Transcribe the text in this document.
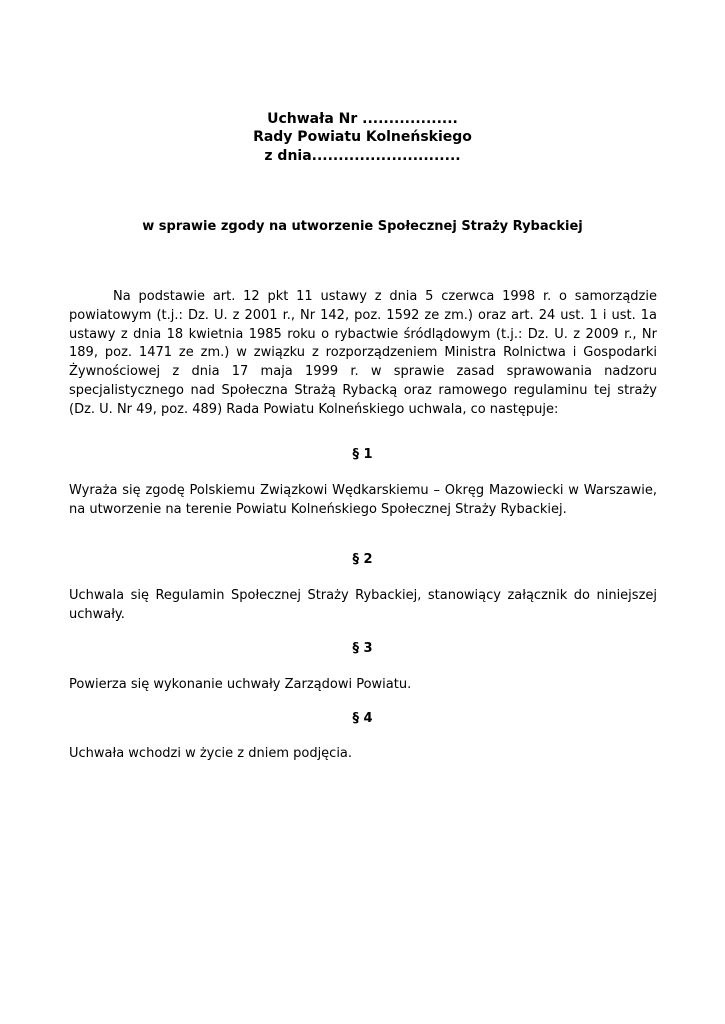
Uchwała Nr ..................
Rady Powiatu Kolneńskiego
z dnia............................
w sprawie zgody na utworzenie Społecznej Straży Rybackiej
Na podstawie art. 12 pkt 11 ustawy z dnia 5 czerwca 1998 r. o samorządzie powiatowym (t.j.: Dz. U. z 2001 r., Nr 142, poz. 1592 ze zm.) oraz art. 24 ust. 1 i ust. 1a ustawy z dnia 18 kwietnia 1985 roku o rybactwie śródlądowym (t.j.: Dz. U. z 2009 r., Nr 189, poz. 1471 ze zm.) w związku z rozporządzeniem Ministra Rolnictwa i Gospodarki Żywnościowej z dnia 17 maja 1999 r. w sprawie zasad sprawowania nadzoru specjalistycznego nad Społeczna Strażą Rybacką oraz ramowego regulaminu tej straży (Dz. U. Nr 49, poz. 489) Rada Powiatu Kolneńskiego uchwala, co następuje:
§ 1
Wyraża się zgodę Polskiemu Związkowi Wędkarskiemu – Okręg Mazowiecki w Warszawie, na utworzenie na terenie Powiatu Kolneńskiego Społecznej Straży Rybackiej.
§ 2
Uchwala się Regulamin Społecznej Straży Rybackiej, stanowiący załącznik do niniejszej uchwały.
§ 3
Powierza się wykonanie uchwały Zarządowi Powiatu.
§ 4
Uchwała wchodzi w życie z dniem podjęcia.
